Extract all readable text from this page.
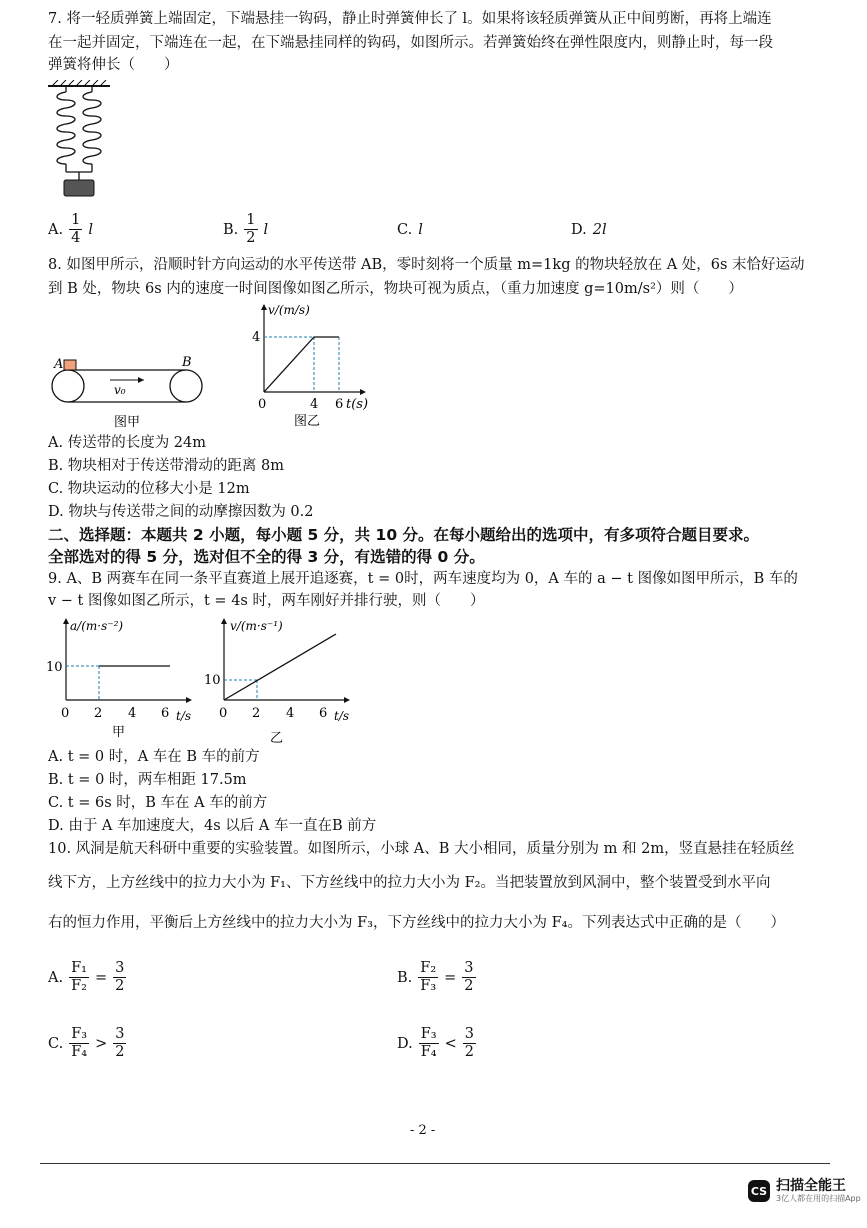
7. 将一轻质弹簧上端固定，下端悬挂一钩码，静止时弹簧伸长了 l。如果将该轻质弹簧从正中间剪断，再将上端连
在一起并固定，下端连在一起，在下端悬挂同样的钩码，如图所示。若弹簧始终在弹性限度内，则静止时，每一段
弹簧将伸长（　　）
A. $\frac{1}{4}$ l	B. $\frac{1}{2}$ l	C. l	D. 2l
8. 如图甲所示，沿顺时针方向运动的水平传送带 AB，零时刻将一个质量 m=1kg 的物块轻放在 A 处，6s 末恰好运动
到 B 处，物块 6s 内的速度一时间图像如图乙所示，物块可视为质点，（重力加速度 g=10m/s²）则（　　）
A	B
v₀
图甲
v/(m/s)
4
0	4 6 t(s)
图乙
A. 传送带的长度为 24m
B. 物块相对于传送带滑动的距离 8m
C. 物块运动的位移大小是 12m
D. 物块与传送带之间的动摩擦因数为 0.2
二、选择题：本题共 2 小题，每小题 5 分，共 10 分。在每小题给出的选项中，有多项符合题目要求。
全部选对的得 5 分，选对但不全的得 3 分，有选错的得 0 分。
9. A、B 两赛车在同一条平直赛道上展开追逐赛，t = 0时，两车速度均为 0，A 车的 a − t 图像如图甲所示，B 车的
v − t 图像如图乙所示，t = 4s 时，两车刚好并排行驶，则（　　）
a/(m·s⁻²)
10
0 2 4 6 t/s
甲
v/(m·s⁻¹)
10
0 2 4 6 t/s
乙
A. t = 0 时，A 车在 B 车的前方
B. t = 0 时，两车相距 17.5m
C. t = 6s 时，B 车在 A 车的前方
D. 由于 A 车加速度大，4s 以后 A 车一直在B 前方
10. 风洞是航天科研中重要的实验装置。如图所示，小球 A、B 大小相同，质量分别为 m 和 2m，竖直悬挂在轻质丝
线下方，上方丝线中的拉力大小为 F₁、下方丝线中的拉力大小为 F₂。当把装置放到风洞中，整个装置受到水平向
右的恒力作用，平衡后上方丝线中的拉力大小为 F₃，下方丝线中的拉力大小为 F₄。下列表达式中正确的是（　　）
A. $\frac{\text{F₁}}{\text{F₂}} = \frac{3}{2}$	B. $\frac{\text{F₂}}{\text{F₃}} = \frac{3}{2}$
C. $\frac{\text{F₃}}{\text{F₄}} > \frac{3}{2}$	D. $\frac{\text{F₃}}{\text{F₄}} < \frac{3}{2}$
- 2 -
CS 扫描全能王
3亿人都在用的扫描App
